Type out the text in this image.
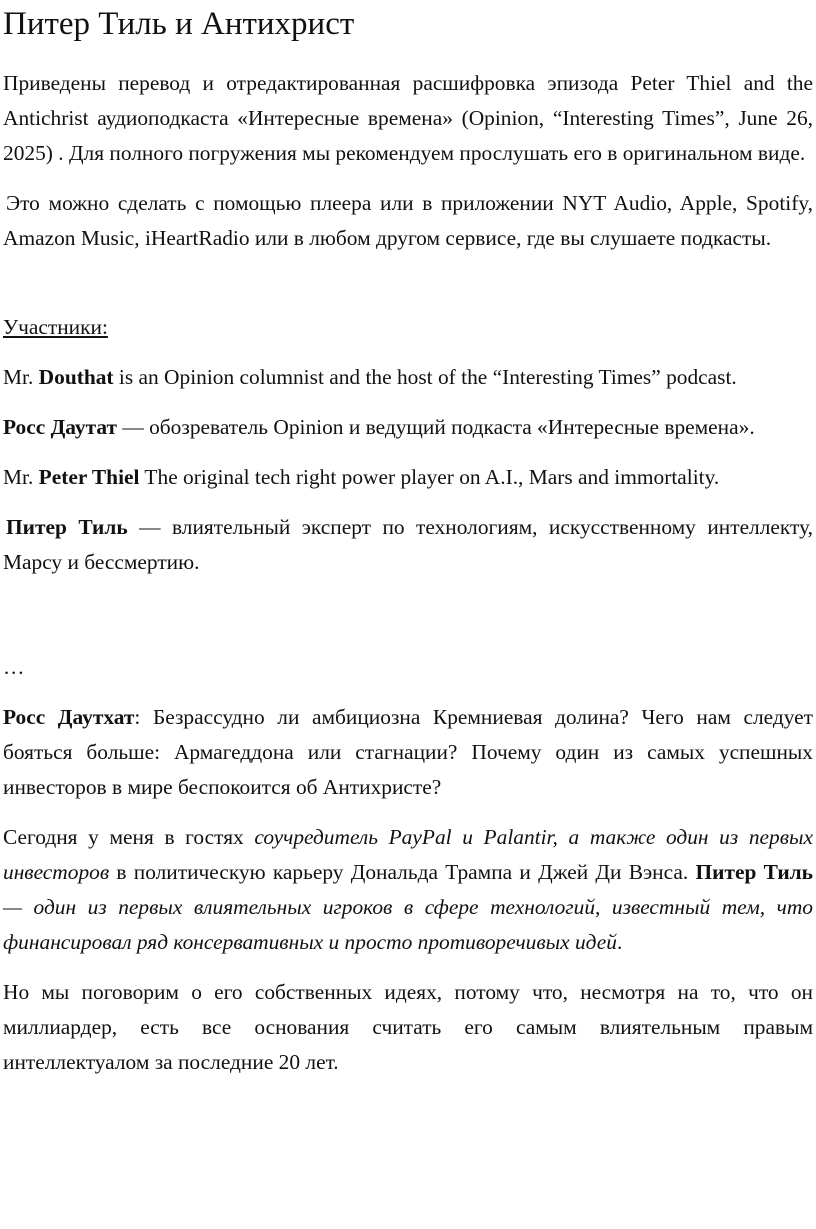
Питер Тиль и Антихрист

Приведены перевод и отредактированная расшифровка эпизода Peter Thiel and the Antichrist аудиоподкаста «Интересные времена» (Opinion, “Interesting Times”, June 26, 2025) . Для полного погружения мы рекомендуем прослушать его в оригинальном виде.

Это можно сделать с помощью плеера или в приложении NYT Audio, Apple, Spotify, Amazon Music, iHeartRadio или в любом другом сервисе, где вы слушаете подкасты.

Участники:

Mr. Douthat is an Opinion columnist and the host of the “Interesting Times” podcast.

Росс Даутат — обозреватель Opinion и ведущий подкаста «Интересные времена».

Mr. Peter Thiel The original tech right power player on A.I., Mars and immortality.

Питер Тиль — влиятельный эксперт по технологиям, искусственному интеллекту, Марсу и бессмертию.

…

Росс Даутхат: Безрассудно ли амбициозна Кремниевая долина? Чего нам следует бояться больше: Армагеддона или стагнации? Почему один из самых успешных инвесторов в мире беспокоится об Антихристе?

Сегодня у меня в гостях соучредитель PayPal и Palantir, а также один из первых инвесторов в политическую карьеру Дональда Трампа и Джей Ди Вэнса. Питер Тиль — один из первых влиятельных игроков в сфере технологий, известный тем, что финансировал ряд консервативных и просто противоречивых идей.

Но мы поговорим о его собственных идеях, потому что, несмотря на то, что он миллиардер, есть все основания считать его самым влиятельным правым интеллектуалом за последние 20 лет.
